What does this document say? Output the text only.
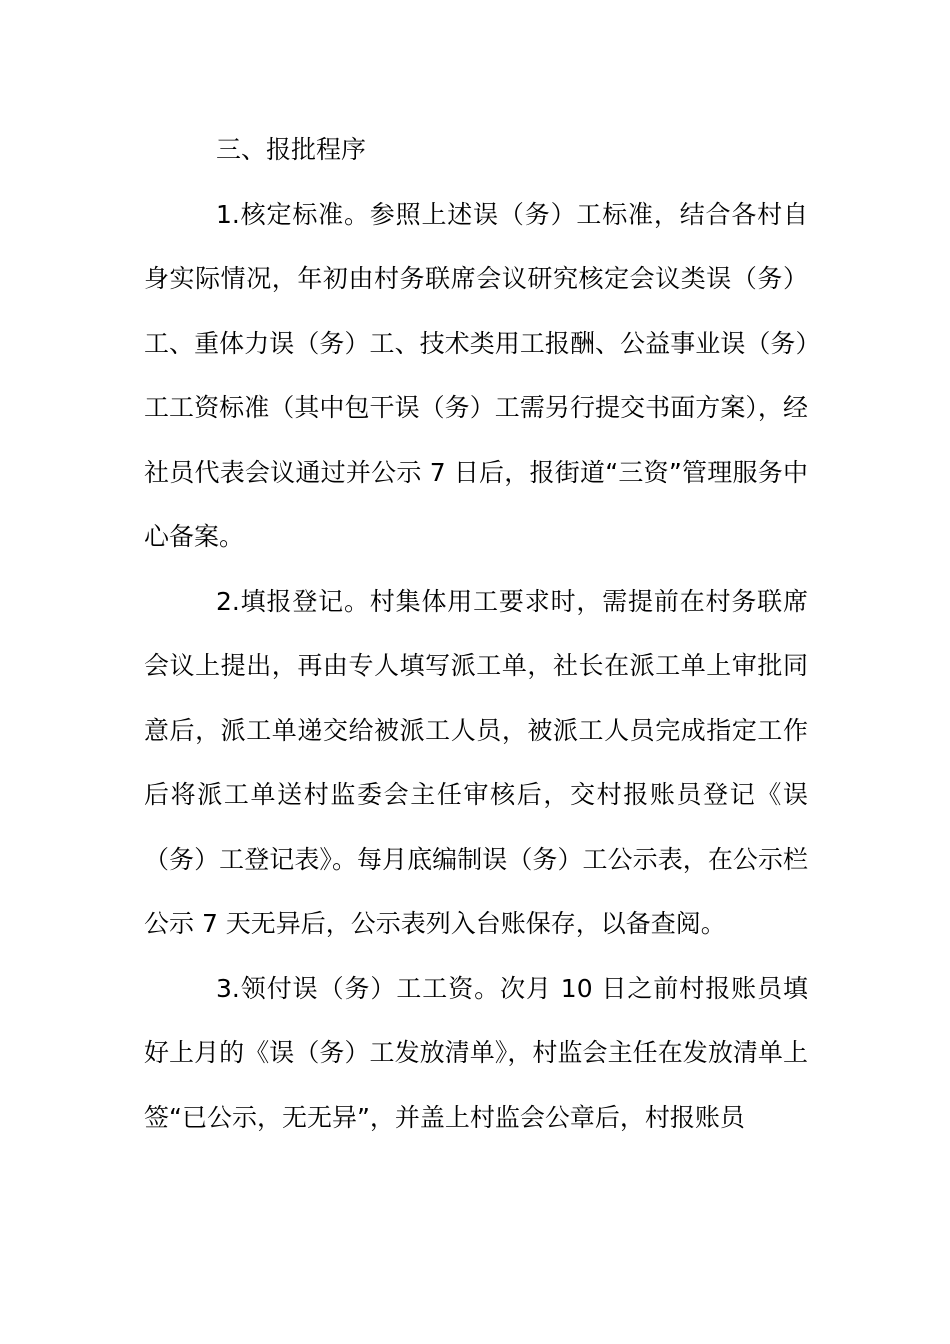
三、报批程序

1.核定标准。参照上述误（务）工标准，结合各村自身实际情况，年初由村务联席会议研究核定会议类误（务）工、重体力误（务）工、技术类用工报酬、公益事业误（务）工工资标准（其中包干误（务）工需另行提交书面方案），经社员代表会议通过并公示 7 日后，报街道“三资”管理服务中心备案。

2.填报登记。村集体用工要求时，需提前在村务联席会议上提出，再由专人填写派工单，社长在派工单上审批同意后，派工单递交给被派工人员，被派工人员完成指定工作后将派工单送村监委会主任审核后，交村报账员登记《误（务）工登记表》。每月底编制误（务）工公示表，在公示栏公示 7 天无异后，公示表列入台账保存，以备查阅。

3.领付误（务）工工资。次月 10 日之前村报账员填好上月的《误（务）工发放清单》，村监会主任在发放清单上签“已公示，无无异”，并盖上村监会公章后，村报账员
